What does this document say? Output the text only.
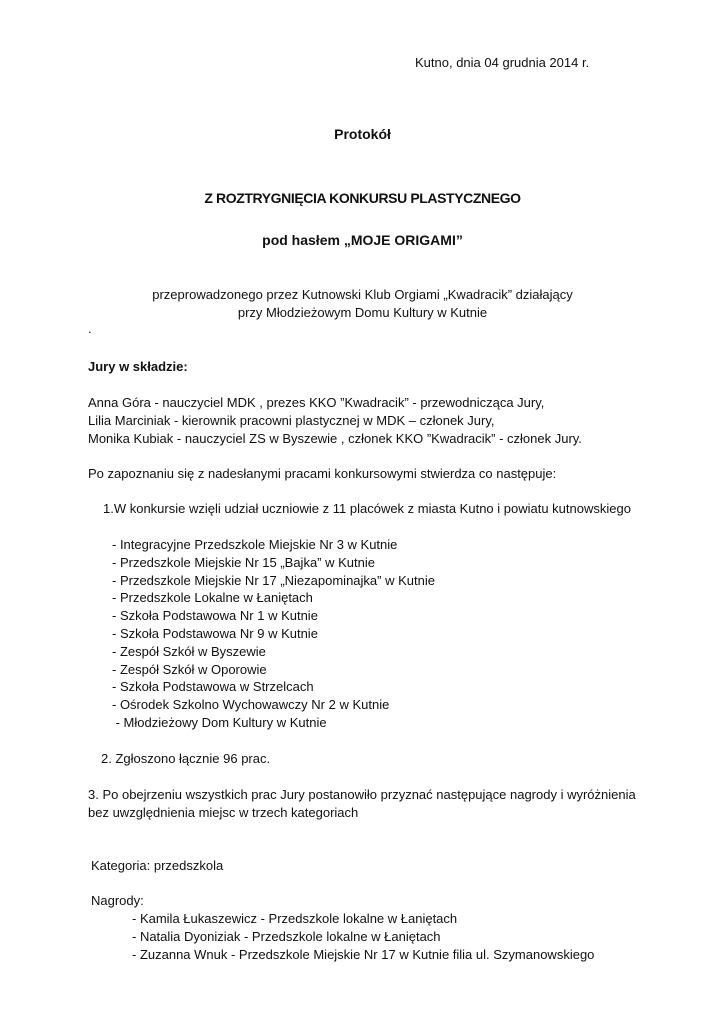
Kutno, dnia 04 grudnia 2014 r.
Protokół
Z ROZTRYGNIĘCIA KONKURSU PLASTYCZNEGO
pod hasłem „MOJE ORIGAMI”
przeprowadzonego przez Kutnowski Klub Orgiami „Kwadracik” działający
przy Młodzieżowym Domu Kultury w Kutnie
.
Jury w składzie:
Anna Góra - nauczyciel MDK , prezes KKO ”Kwadracik” - przewodnicząca Jury,
Lilia Marciniak - kierownik pracowni plastycznej w MDK – członek Jury,
Monika Kubiak - nauczyciel ZS w Byszewie , członek KKO ”Kwadracik” - członek Jury.
Po zapoznaniu się z nadesłanymi pracami konkursowymi stwierdza co następuje:
1.W konkursie wzięli udział uczniowie z 11 placówek z miasta Kutno i powiatu kutnowskiego
- Integracyjne Przedszkole Miejskie Nr 3 w Kutnie
- Przedszkole Miejskie Nr 15 „Bajka” w Kutnie
- Przedszkole Miejskie Nr 17 „Niezapominajka” w Kutnie
- Przedszkole Lokalne w Łaniętach
- Szkoła Podstawowa Nr 1 w Kutnie
- Szkoła Podstawowa Nr 9 w Kutnie
- Zespół Szkół w Byszewie
- Zespół Szkół w Oporowie
- Szkoła Podstawowa w Strzelcach
- Ośrodek Szkolno Wychowawczy Nr 2 w Kutnie
- Młodzieżowy Dom Kultury w Kutnie
2. Zgłoszono łącznie 96 prac.
3. Po obejrzeniu wszystkich prac Jury postanowiło przyznać następujące nagrody i wyróżnienia
bez uwzględnienia miejsc w trzech kategoriach
Kategoria: przedszkola
Nagrody:
- Kamila Łukaszewicz - Przedszkole lokalne w Łaniętach
- Natalia Dyoniziak - Przedszkole lokalne w Łaniętach
- Zuzanna Wnuk - Przedszkole Miejskie Nr 17 w Kutnie filia ul. Szymanowskiego
